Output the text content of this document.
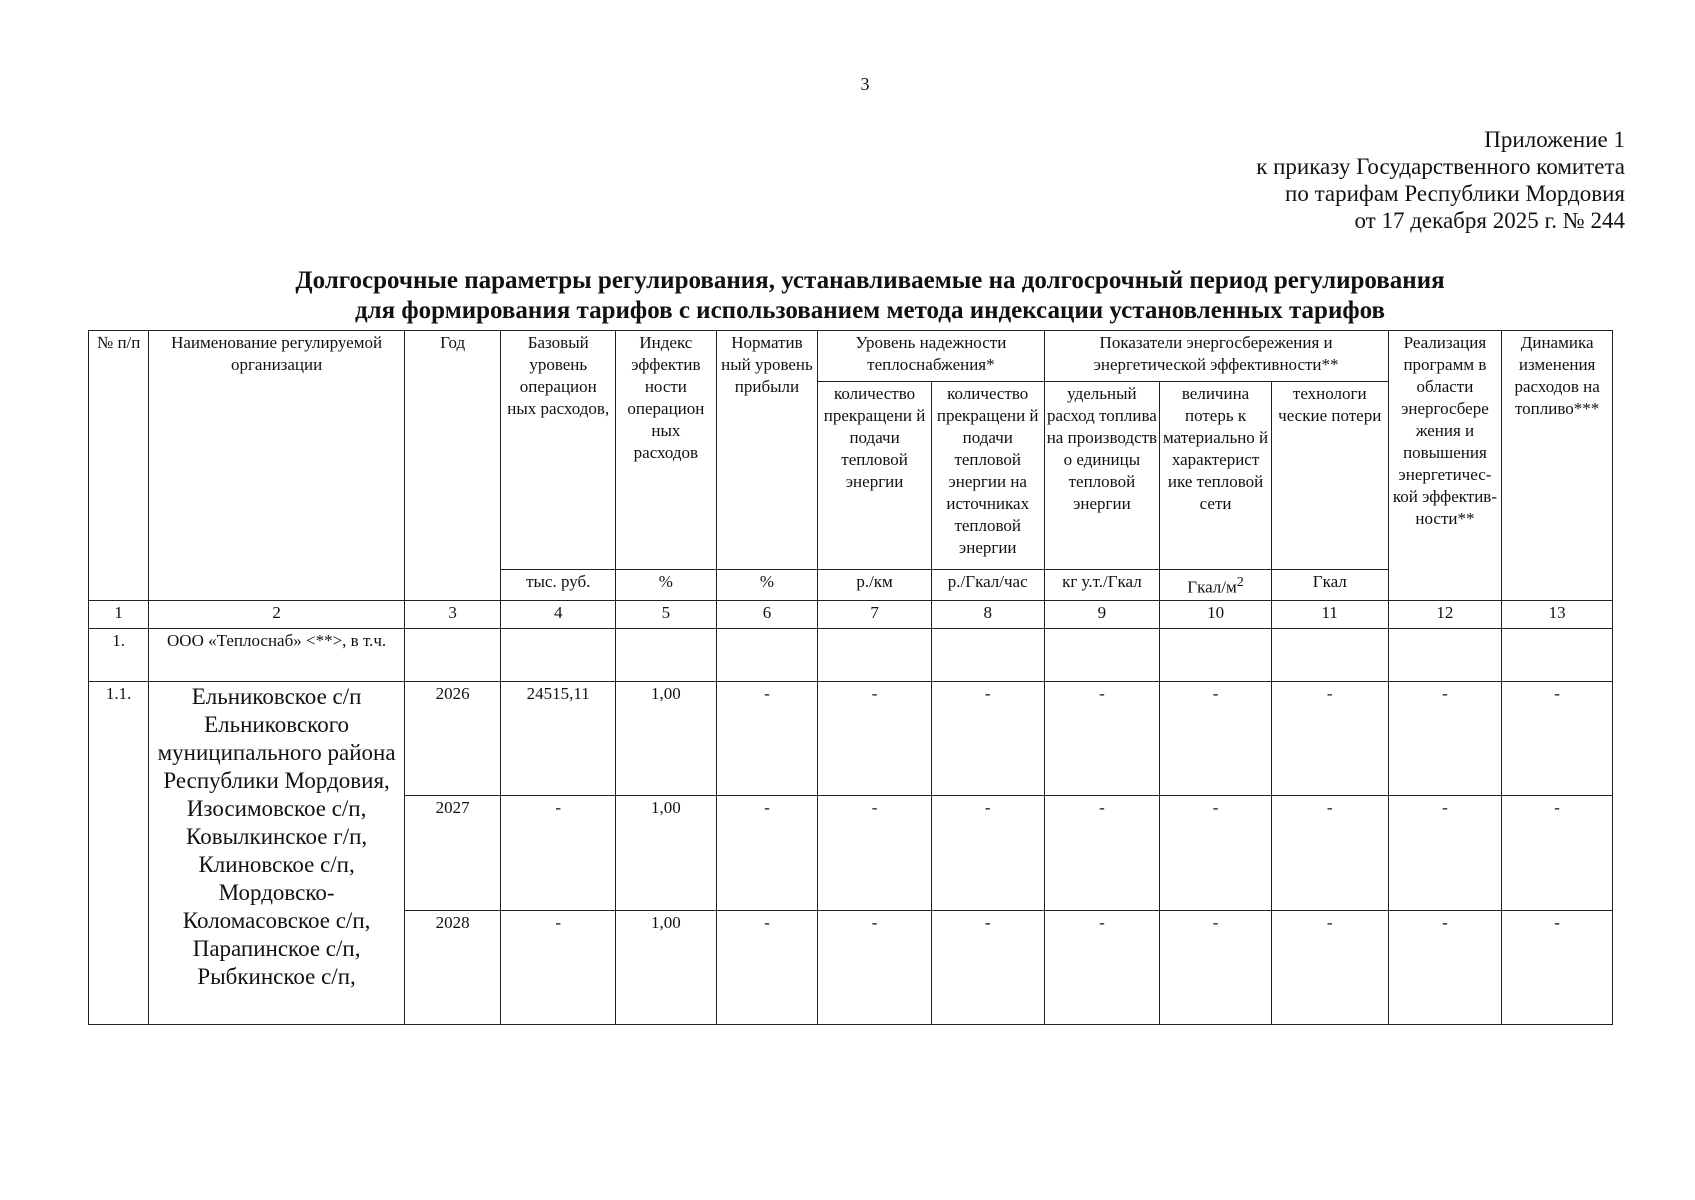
3
Приложение 1
к приказу Государственного комитета
по тарифам Республики Мордовия
от 17 декабря 2025 г. № 244
Долгосрочные параметры регулирования, устанавливаемые на долгосрочный период регулирования
для формирования тарифов с использованием метода индексации установленных тарифов
№ п/п	Наименование регулируемой организации	Год	Базовый уровень операцион ных расходов,	Индекс эффектив ности операцион ных расходов	Норматив ный уровень прибыли	Уровень надежности теплоснабжения*		Показатели энергосбережения и энергетической эффективности**			Реализация программ в области энергосбере жения и повышения энергетичес- кой эффектив- ности**	Динамика изменения расходов на топливо***
						количество прекращени й подачи тепловой энергии	количество прекращени й подачи тепловой энергии на источниках тепловой энергии	удельный расход топлива на производств о единицы тепловой энергии	величина потерь к материально й характерист ике тепловой сети	технологи ческие потери		
			тыс. руб.	%	%	р./км	р./Гкал/час	кг у.т./Гкал	Гкал/$м^2$	Гкал		
1	2	3	4	5	6	7	8	9	10	11	12	13
1.	ООО «Теплоснаб» <**>, в т.ч.											
1.1.	Ельниковское с/п Ельниковского муниципального района Республики Мордовия, Изосимовское с/п, Ковылкинское г/п, Клиновское с/п, Мордовско-Коломасовское с/п, Парапинское с/п, Рыбкинское с/п,	2026	24515,11	1,00	-	-	-	-	-	-	-	-
		2027	-	1,00	-	-	-	-	-	-	-	-
		2028	-	1,00	-	-	-	-	-	-	-	-
